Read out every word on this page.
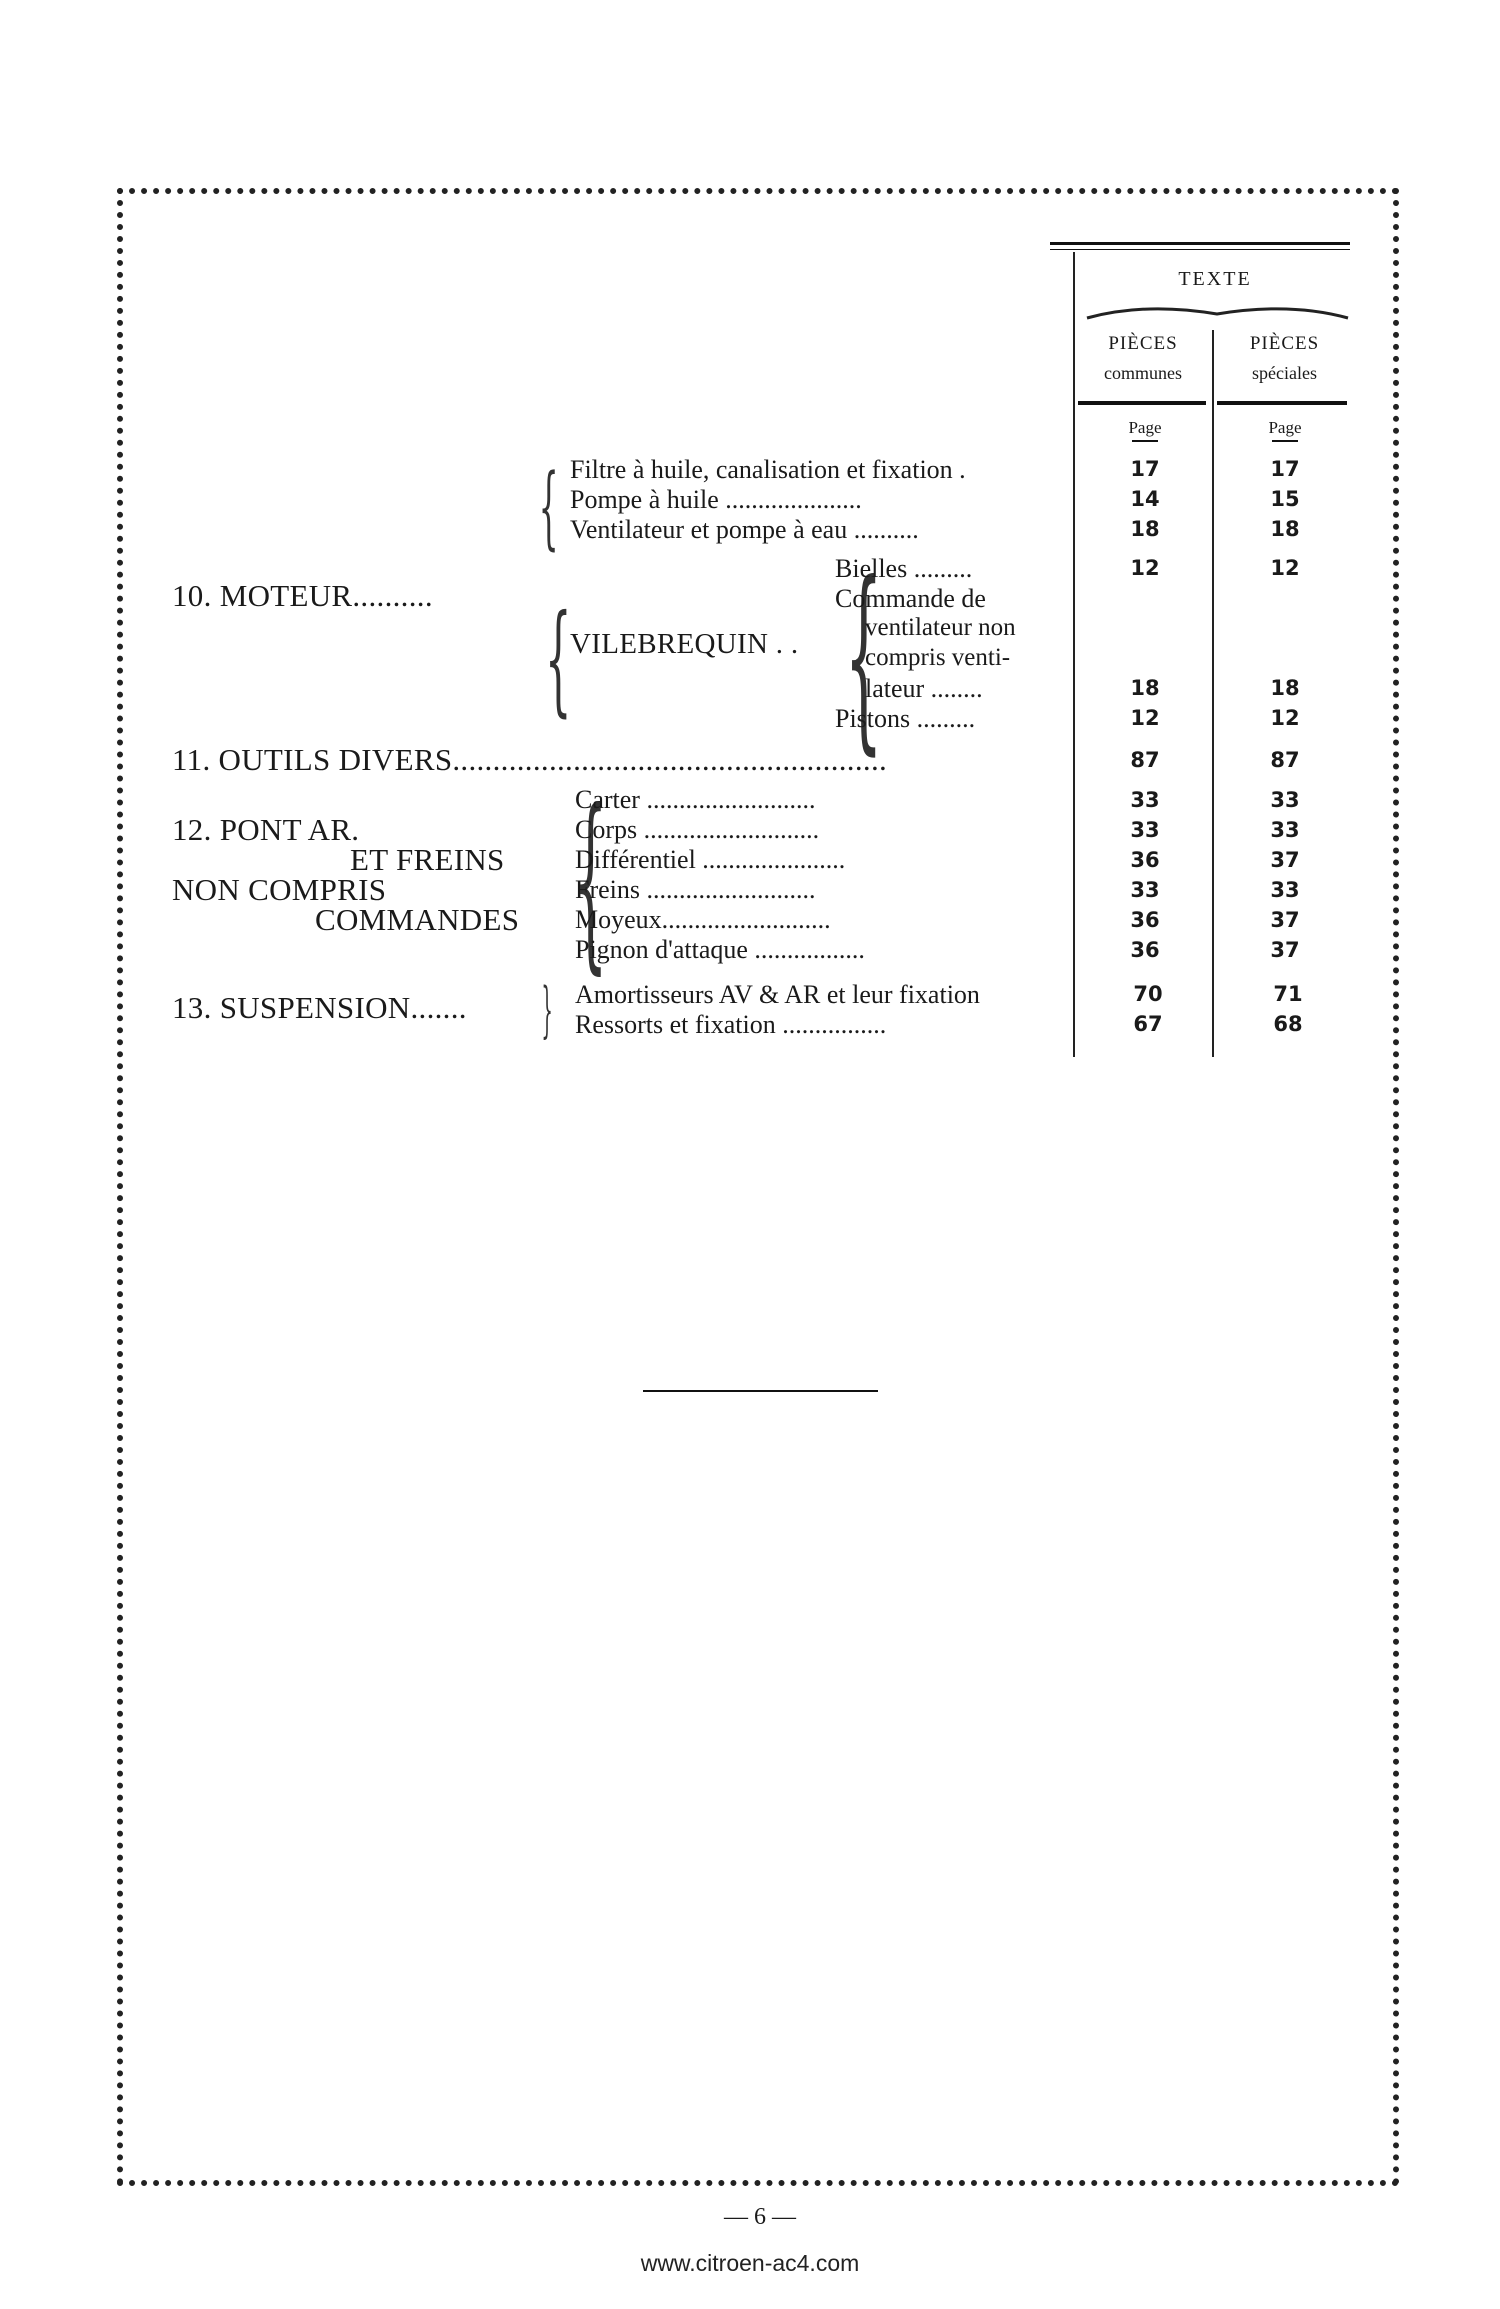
TEXTE
PIÈCES
communes
PIÈCES
spéciales
Page	Page
10. MOTEUR..........
{
{
Filtre à huile, canalisation et fixation .	17	17
Pompe à huile .....................	14	15
Ventilateur et pompe à eau ..........	18	18
VILEBREQUIN . . {
Bielles .........	12	12
Commande de
ventilateur non
compris venti-
lateur ........	18	18
Pistons .........	12	12
11. OUTILS DIVERS......................................................	87	87
12. PONT AR.
ET FREINS
NON COMPRIS
COMMANDES {
Carter ..........................	33	33
Corps ...........................	33	33
Différentiel ......................	36	37
Freins ..........................	33	33
Moyeux..........................	36	37
Pignon d'attaque .................	36	37
13. SUSPENSION....... } Amortisseurs AV & AR et leur fixation	70	71
Ressorts et fixation ................	67	68
— 6 —
www.citroen-ac4.com
